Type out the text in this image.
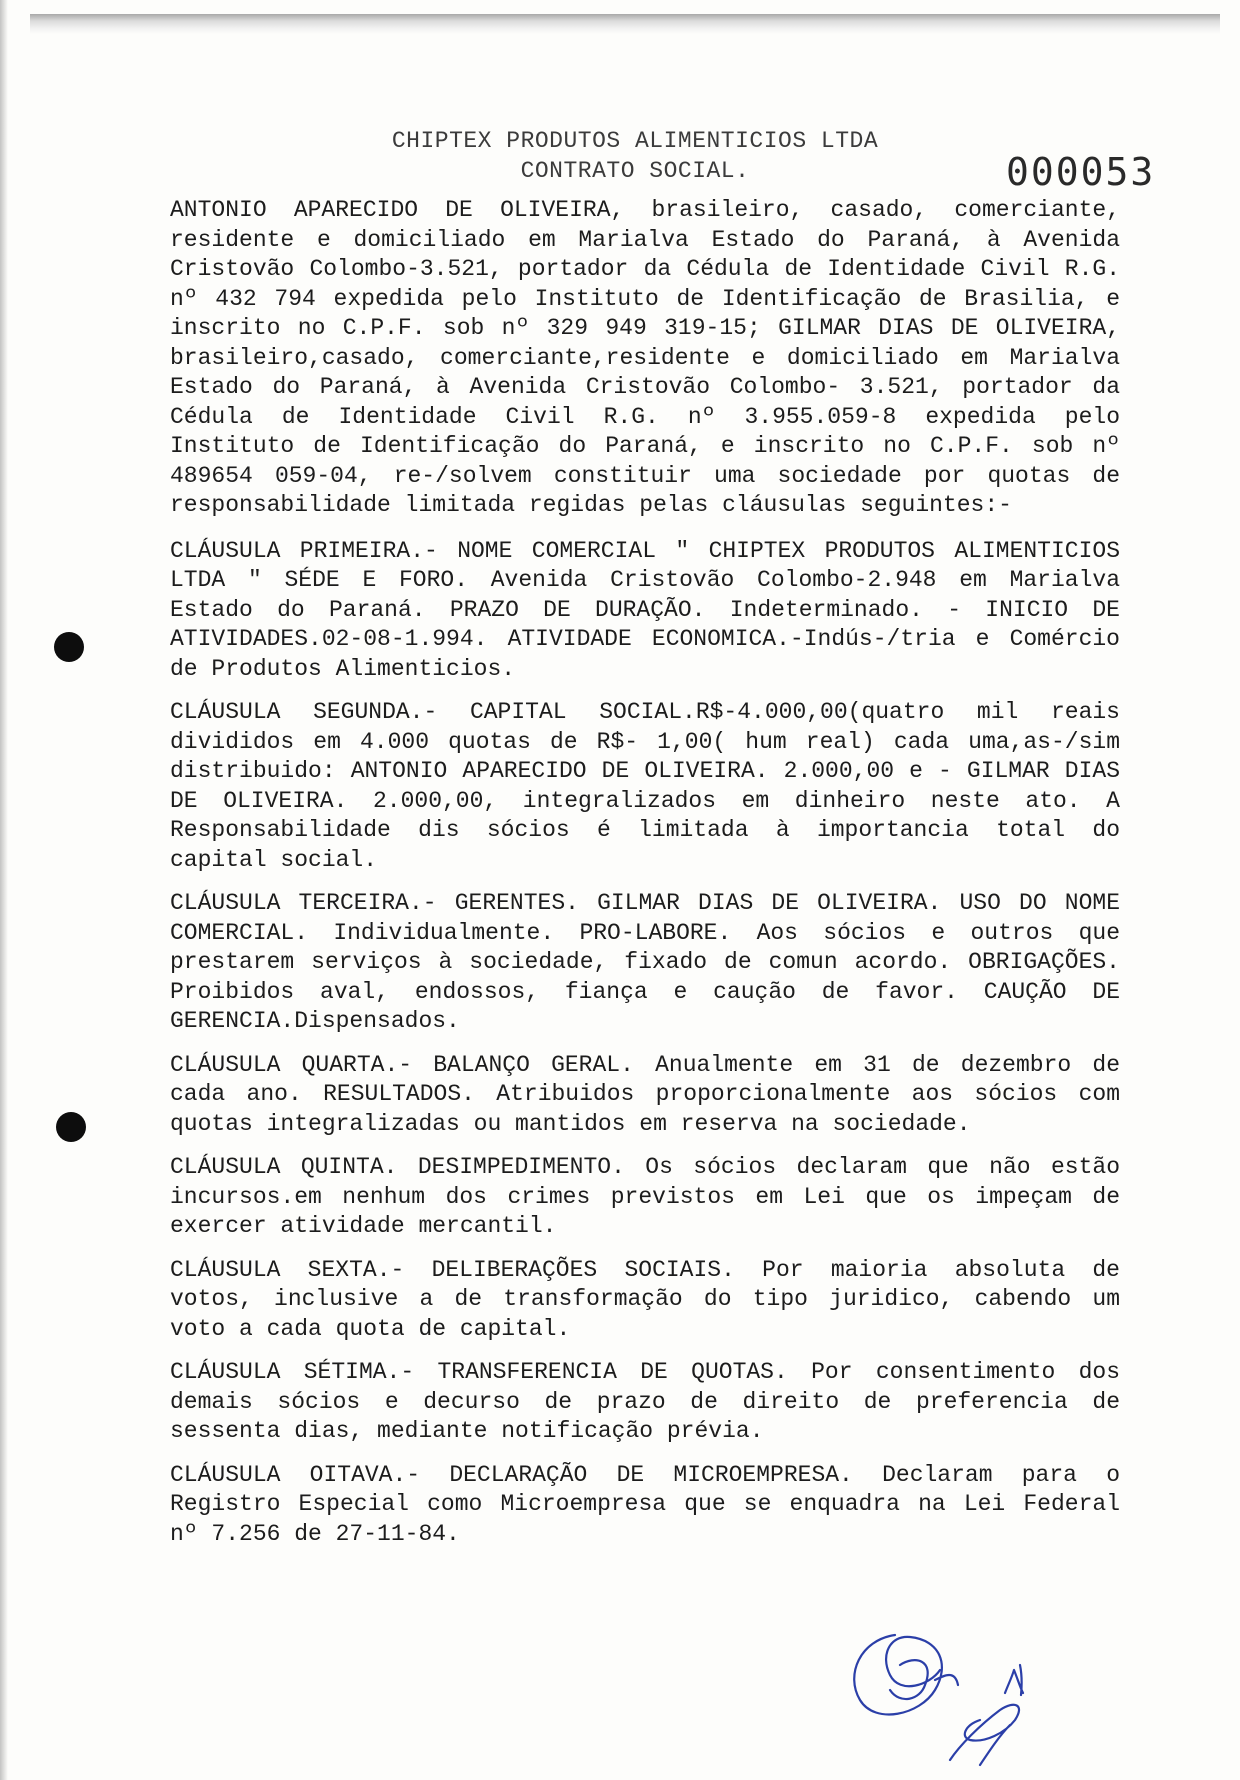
CHIPTEX PRODUTOS ALIMENTICIOS LTDA
CONTRATO SOCIAL.	000053

ANTONIO APARECIDO DE OLIVEIRA, brasileiro, casado, comerciante, residente e domiciliado em Marialva Estado do Paraná, à Avenida Cristovão Colombo-3.521, portador da Cédula de Identidade Civil R.G. nº 432 794 expedida pelo Instituto de Identificação de Brasilia, e inscrito no C.P.F. sob nº 329 949 319-15; GILMAR DIAS DE OLIVEIRA, brasileiro,casado, comerciante,residente e domiciliado em Marialva Estado do Paraná, à Avenida Cristovão Colombo- 3.521, portador da Cédula de Identidade Civil R.G. nº 3.955.059-8 expedida pelo Instituto de Identificação do Paraná, e inscrito no C.P.F. sob nº 489654 059-04, re-/solvem constituir uma sociedade por quotas de responsabilidade limitada regidas pelas cláusulas seguintes:-

CLÁUSULA PRIMEIRA.- NOME COMERCIAL " CHIPTEX PRODUTOS ALIMENTICIOS LTDA " SÉDE E FORO. Avenida Cristovão Colombo-2.948 em Marialva Estado do Paraná. PRAZO DE DURAÇÃO. Indeterminado. - INICIO DE ATIVIDADES.02-08-1.994. ATIVIDADE ECONOMICA.-Indús-/tria e Comércio de Produtos Alimenticios.

CLÁUSULA SEGUNDA.- CAPITAL SOCIAL.R$-4.000,00(quatro mil reais divididos em 4.000 quotas de R$- 1,00( hum real) cada uma,as-/sim distribuido: ANTONIO APARECIDO DE OLIVEIRA. 2.000,00 e - GILMAR DIAS DE OLIVEIRA. 2.000,00, integralizados em dinheiro neste ato. A Responsabilidade dis sócios é limitada à importancia total do capital social.

CLÁUSULA TERCEIRA.- GERENTES. GILMAR DIAS DE OLIVEIRA. USO DO NOME COMERCIAL. Individualmente. PRO-LABORE. Aos sócios e outros que prestarem serviços à sociedade, fixado de comun acordo. OBRIGAÇÕES. Proibidos aval, endossos, fiança e caução de favor. CAUÇÃO DE GERENCIA.Dispensados.

CLÁUSULA QUARTA.- BALANÇO GERAL. Anualmente em 31 de dezembro de cada ano. RESULTADOS. Atribuidos proporcionalmente aos sócios com quotas integralizadas ou mantidos em reserva na sociedade.

CLÁUSULA QUINTA. DESIMPEDIMENTO. Os sócios declaram que não estão incursos.em nenhum dos crimes previstos em Lei que os impeçam de exercer atividade mercantil.

CLÁUSULA SEXTA.- DELIBERAÇÕES SOCIAIS. Por maioria absoluta de votos, inclusive a de transformação do tipo juridico, cabendo um voto a cada quota de capital.

CLÁUSULA SÉTIMA.- TRANSFERENCIA DE QUOTAS. Por consentimento dos demais sócios e decurso de prazo de direito de preferencia de sessenta dias, mediante notificação prévia.

CLÁUSULA OITAVA.- DECLARAÇÃO DE MICROEMPRESA. Declaram para o Registro Especial como Microempresa que se enquadra na Lei Federal nº 7.256 de 27-11-84.
